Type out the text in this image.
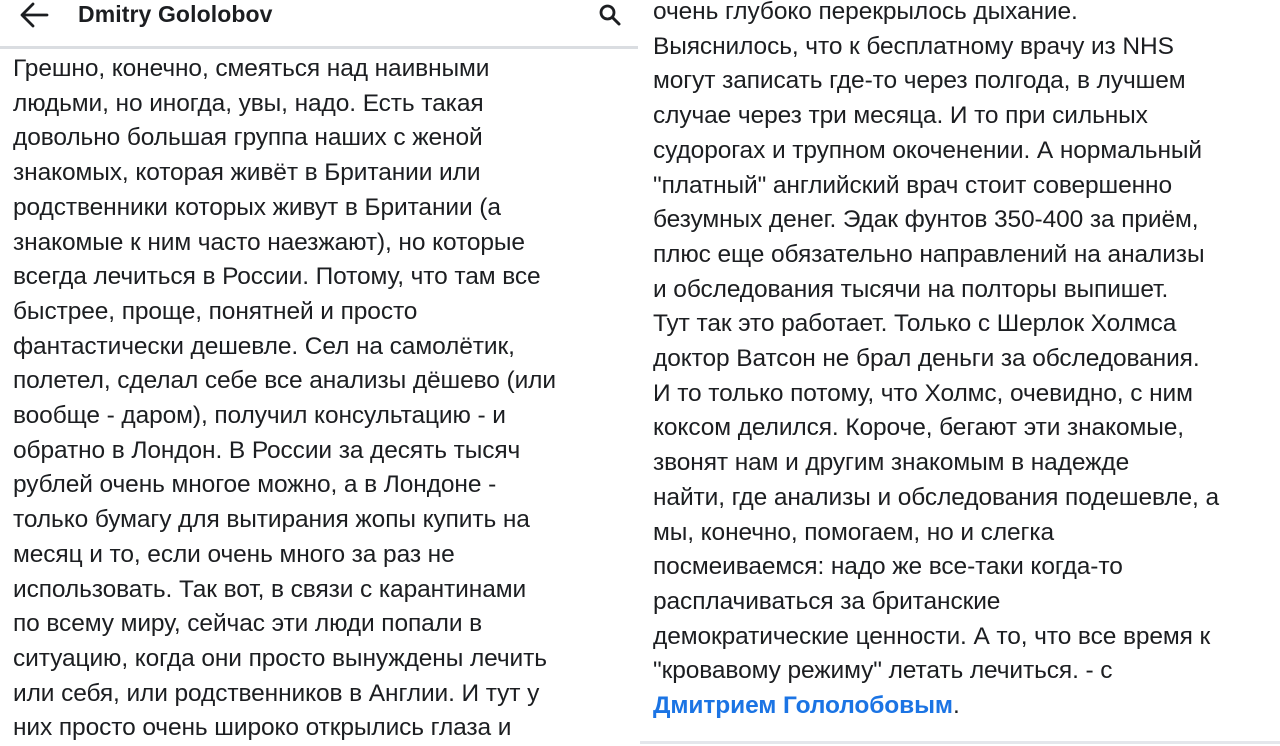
Dmitry Gololobov
Грешно, конечно, смеяться над наивными
людьми, но иногда, увы, надо. Есть такая
довольно большая группа наших с женой
знакомых, которая живёт в Британии или
родственники которых живут в Британии (а
знакомые к ним часто наезжают), но которые
всегда лечиться в России. Потому, что там все
быстрее, проще, понятней и просто
фантастически дешевле. Сел на самолётик,
полетел, сделал себе все анализы дёшево (или
вообще - даром), получил консультацию - и
обратно в Лондон. В России за десять тысяч
рублей очень многое можно, а в Лондоне -
только бумагу для вытирания жопы купить на
месяц и то, если очень много за раз не
использовать. Так вот, в связи с карантинами
по всему миру, сейчас эти люди попали в
ситуацию, когда они просто вынуждены лечить
или себя, или родственников в Англии. И тут у
них просто очень широко открылись глаза и
очень глубоко перекрылось дыхание.
Выяснилось, что к бесплатному врачу из NHS
могут записать где-то через полгода, в лучшем
случае через три месяца. И то при сильных
судорогах и трупном окоченении. А нормальный
"платный" английский врач стоит совершенно
безумных денег. Эдак фунтов 350-400 за приём,
плюс еще обязательно направлений на анализы
и обследования тысячи на полторы выпишет.
Тут так это работает. Только с Шерлок Холмса
доктор Ватсон не брал деньги за обследования.
И то только потому, что Холмс, очевидно, с ним
коксом делился. Короче, бегают эти знакомые,
звонят нам и другим знакомым в надежде
найти, где анализы и обследования подешевле, а
мы, конечно, помогаем, но и слегка
посмеиваемся: надо же все-таки когда-то
расплачиваться за британские
демократические ценности. А то, что все время к
"кровавому режиму" летать лечиться. - с
Дмитрием Гололобовым.
